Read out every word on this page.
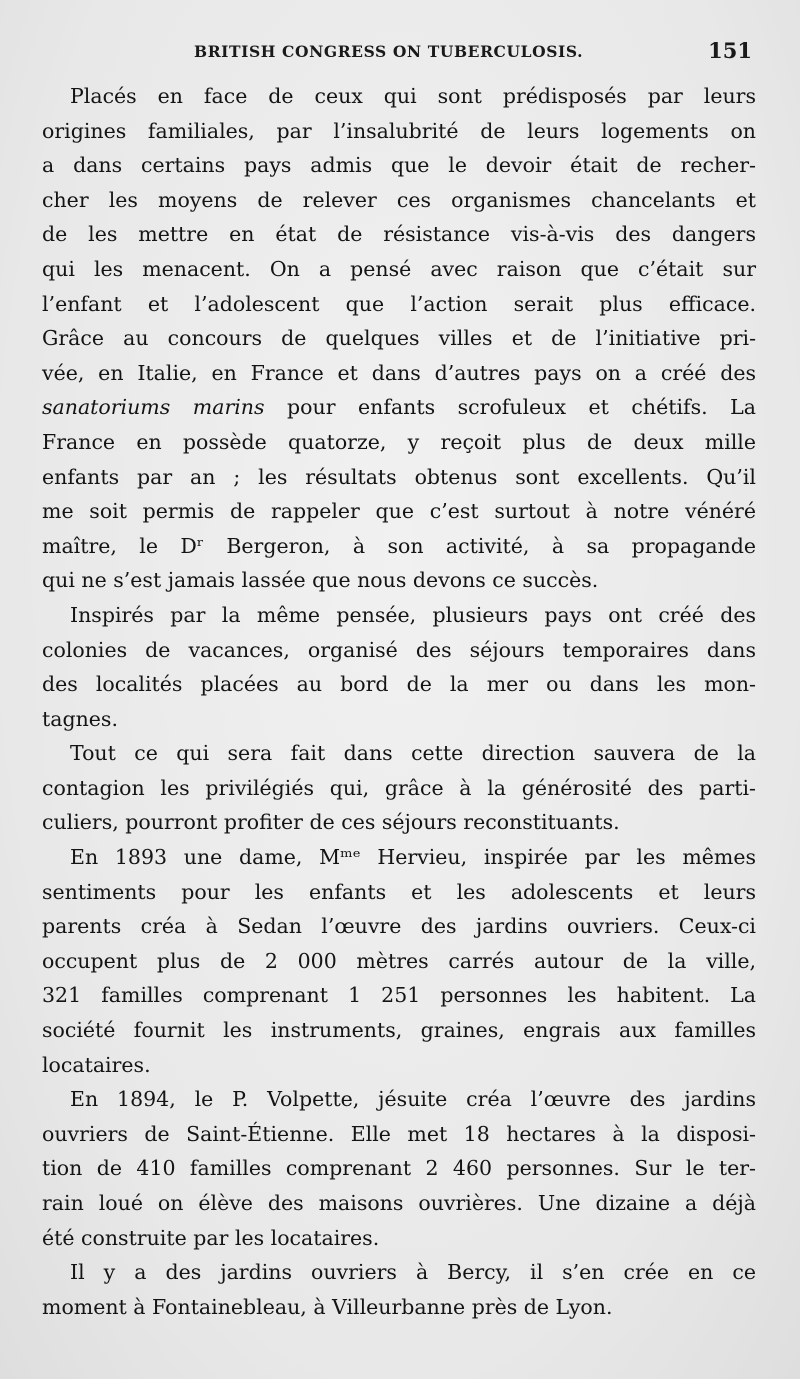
BRITISH CONGRESS ON TUBERCULOSIS.	151
Placés en face de ceux qui sont prédisposés par leurs
origines familiales, par l’insalubrité de leurs logements on
a dans certains pays admis que le devoir était de recher-
cher les moyens de relever ces organismes chancelants et
de les mettre en état de résistance vis-à-vis des dangers
qui les menacent. On a pensé avec raison que c’était sur
l’enfant et l’adolescent que l’action serait plus efficace.
Grâce au concours de quelques villes et de l’initiative pri-
vée, en Italie, en France et dans d’autres pays on a créé des
sanatoriums marins pour enfants scrofuleux et chétifs. La
France en possède quatorze, y reçoit plus de deux mille
enfants par an ; les résultats obtenus sont excellents. Qu’il
me soit permis de rappeler que c’est surtout à notre vénéré
maître, le Dʳ Bergeron, à son activité, à sa propagande
qui ne s’est jamais lassée que nous devons ce succès.
Inspirés par la même pensée, plusieurs pays ont créé des
colonies de vacances, organisé des séjours temporaires dans
des localités placées au bord de la mer ou dans les mon-
tagnes.
Tout ce qui sera fait dans cette direction sauvera de la
contagion les privilégiés qui, grâce à la générosité des parti-
culiers, pourront profiter de ces séjours reconstituants.
En 1893 une dame, Mᵐᵉ Hervieu, inspirée par les mêmes
sentiments pour les enfants et les adolescents et leurs
parents créa à Sedan l’œuvre des jardins ouvriers. Ceux-ci
occupent plus de 2 000 mètres carrés autour de la ville,
321 familles comprenant 1 251 personnes les habitent. La
société fournit les instruments, graines, engrais aux familles
locataires.
En 1894, le P. Volpette, jésuite créa l’œuvre des jardins
ouvriers de Saint-Étienne. Elle met 18 hectares à la disposi-
tion de 410 familles comprenant 2 460 personnes. Sur le ter-
rain loué on élève des maisons ouvrières. Une dizaine a déjà
été construite par les locataires.
Il y a des jardins ouvriers à Bercy, il s’en crée en ce
moment à Fontainebleau, à Villeurbanne près de Lyon.
